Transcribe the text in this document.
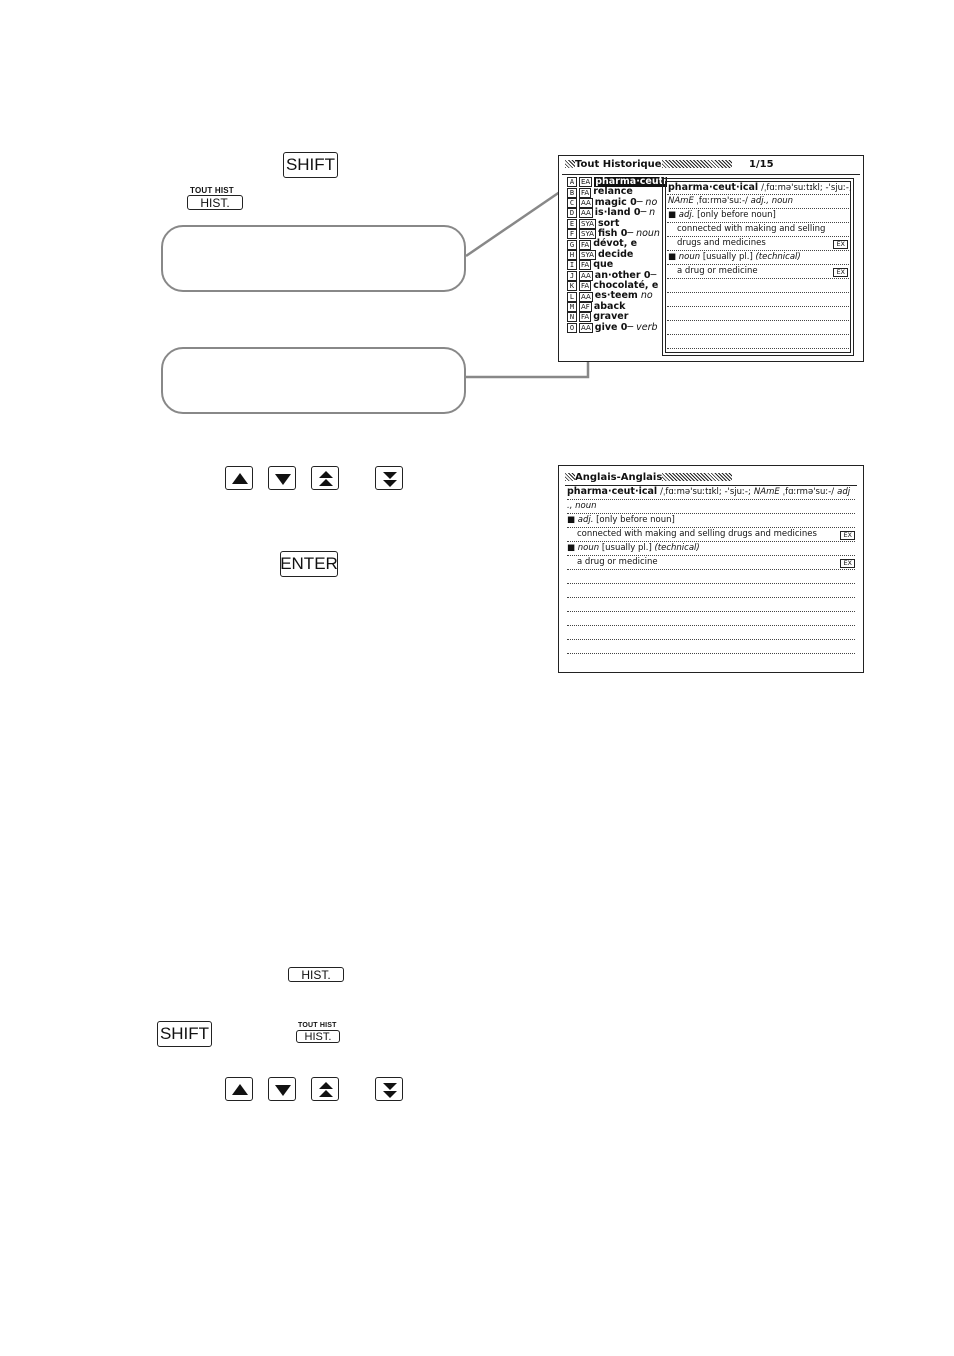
SHIFT
TOUT HIST
HIST.
Tout Historique	1/15
A EA pharma·ceuti
B FA relance
C AA magic 0─ no
D AA is·land 0─ n
E SYA sort
F SYA fish 0─ noun
G FA dévot, e
H SYA decide
I FA que
J AA an·other 0─
K FA chocolaté, e
L AA es·teem no
M AF aback
N FA graver
O AA give 0─ verb
pharma·ceut·ical /ˌfɑːmə'suːtɪkl; -'sjuː-;
NAmE ˌfɑːrmə'suː-/ adj., noun
■ adj. [only before noun]
connected with making and selling
drugs and medicines	EX
■ noun [usually pl.] (technical)
a drug or medicine	EX
ENTER
Anglais-Anglais
pharma·ceut·ical /ˌfɑːmə'suːtɪkl; -'sjuː-; NAmE ˌfɑːrmə'suː-/ adj
., noun
■ adj. [only before noun]
connected with making and selling drugs and medicines	EX
■ noun [usually pl.] (technical)
a drug or medicine	EX
HIST.
SHIFT	TOUT HIST
HIST.
